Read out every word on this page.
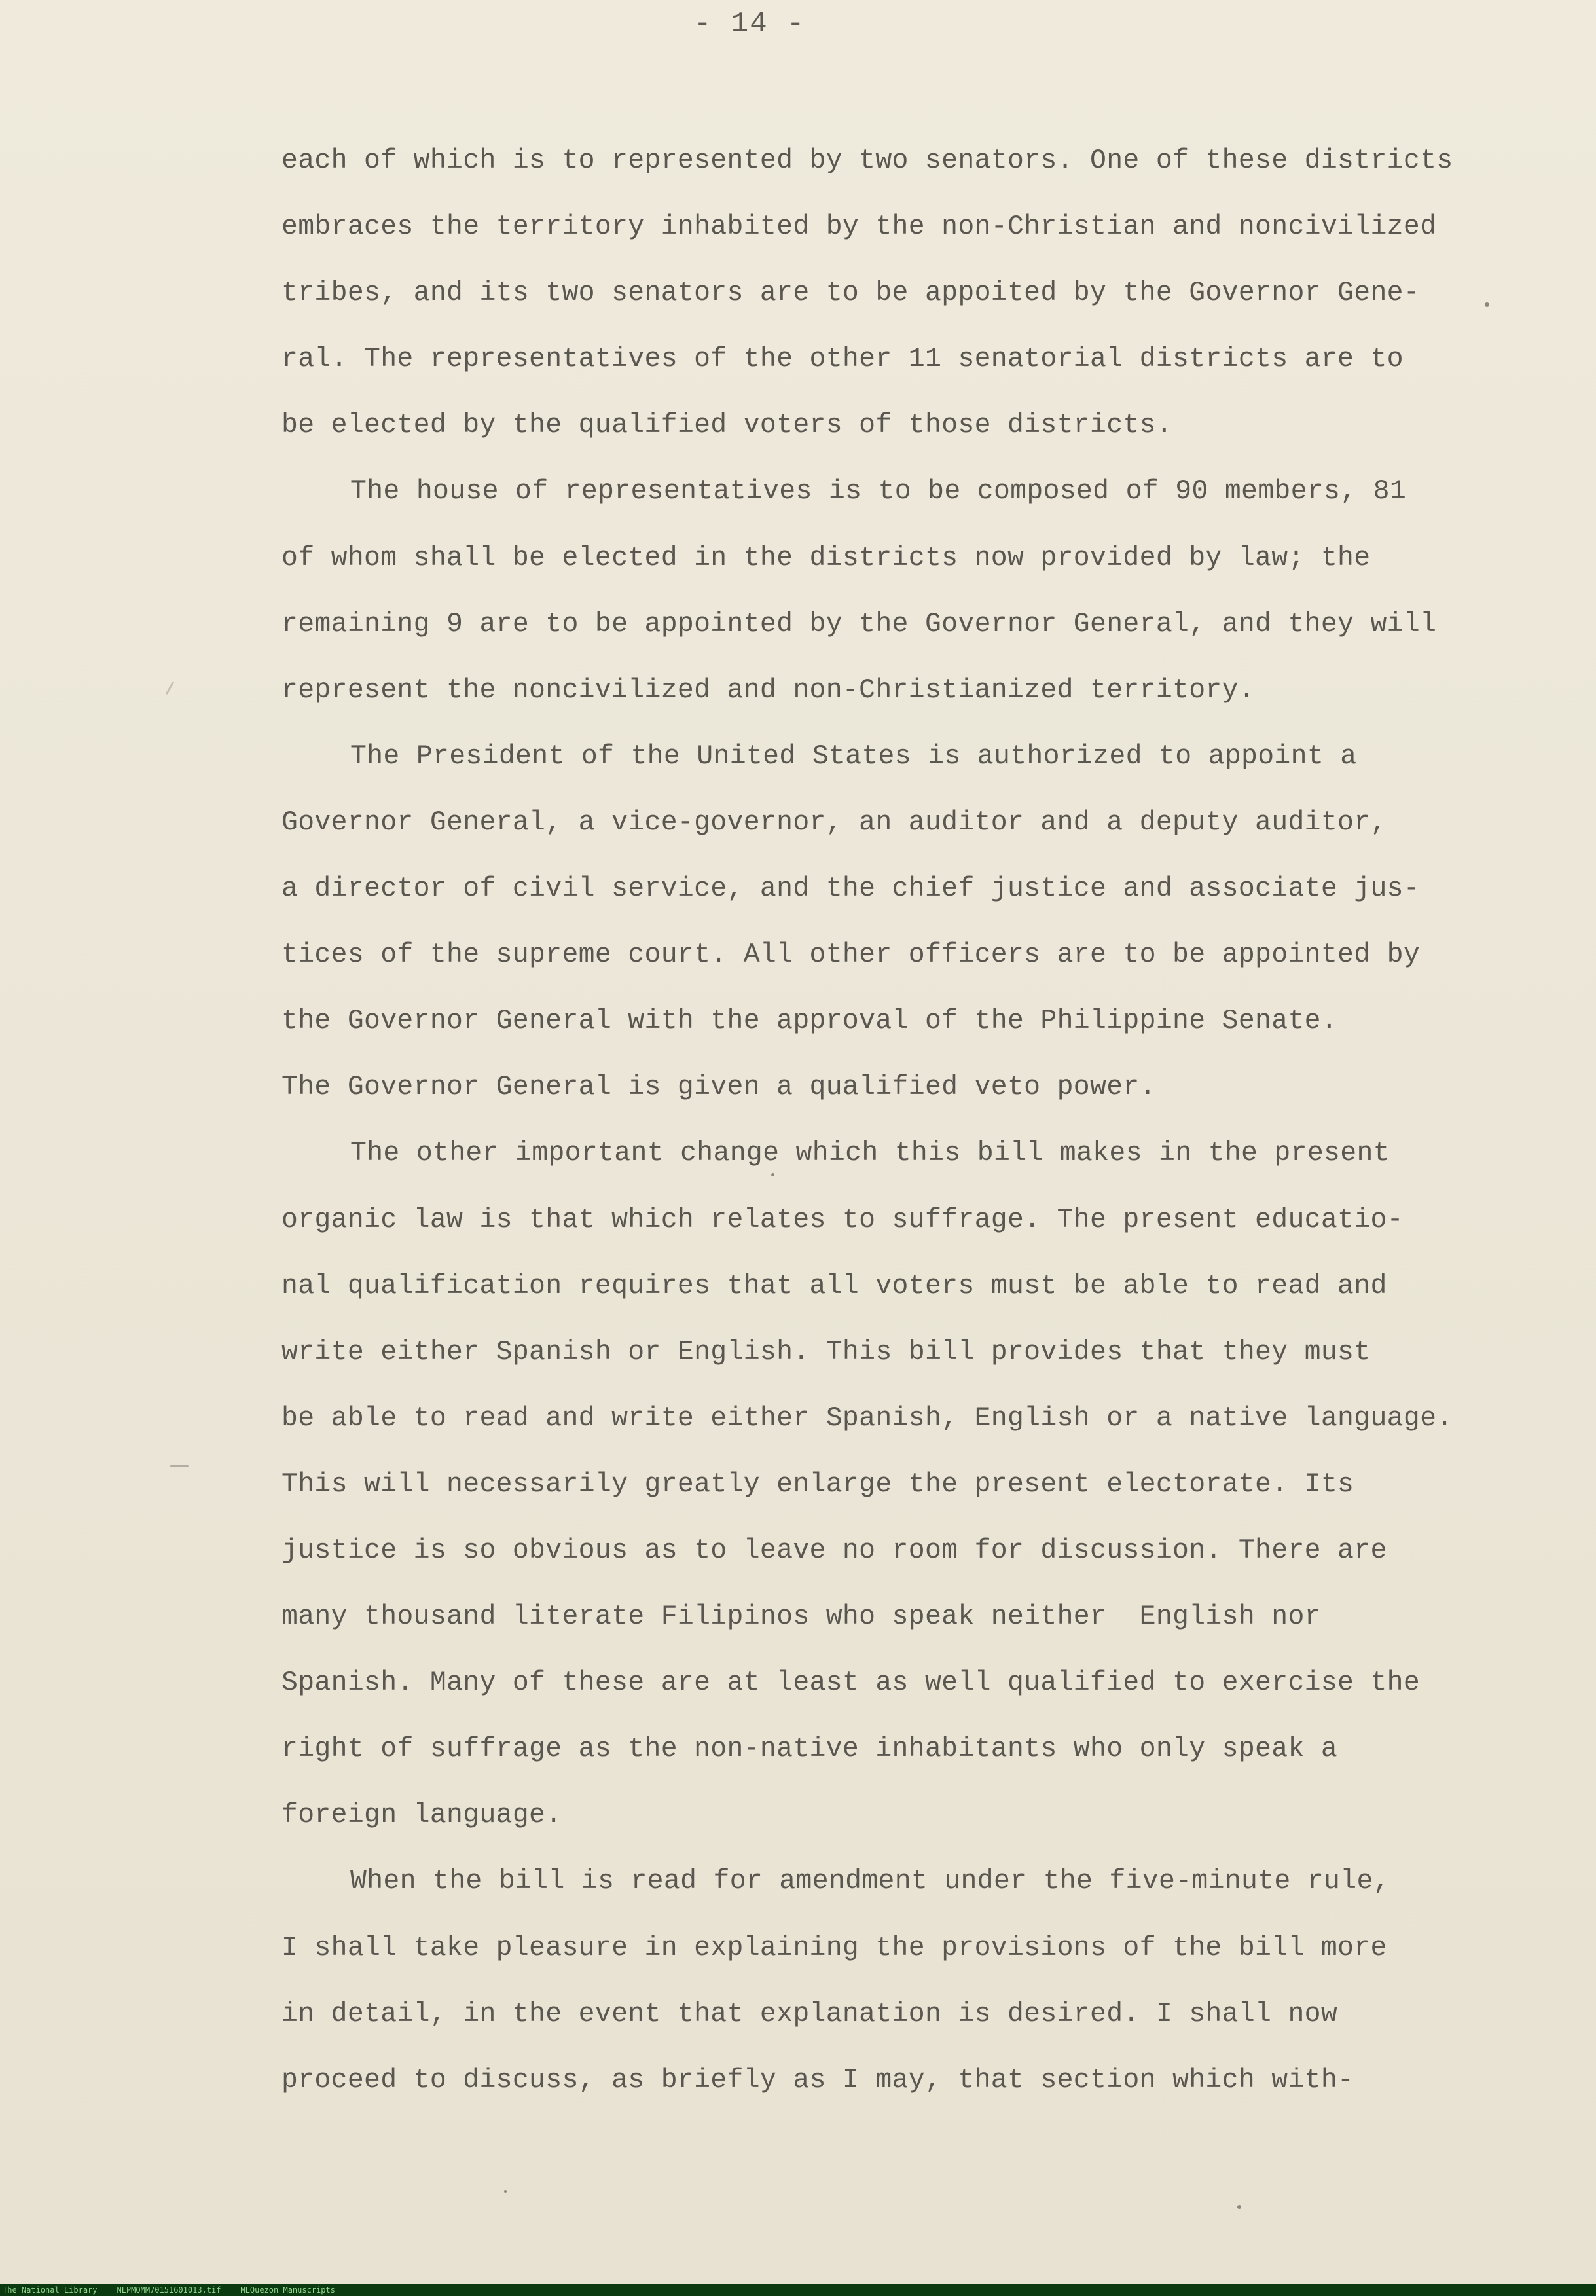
- 14 -
each of which is to represented by two senators. One of these districts
embraces the territory inhabited by the non-Christian and noncivilized
tribes, and its two senators are to be appoited by the Governor Gene-
ral. The representatives of the other 11 senatorial districts are to
be elected by the qualified voters of those districts.
The house of representatives is to be composed of 90 members, 81
of whom shall be elected in the districts now provided by law; the
remaining 9 are to be appointed by the Governor General, and they will
represent the noncivilized and non-Christianized territory.
The President of the United States is authorized to appoint a
Governor General, a vice-governor, an auditor and a deputy auditor,
a director of civil service, and the chief justice and associate jus-
tices of the supreme court. All other officers are to be appointed by
the Governor General with the approval of the Philippine Senate.
The Governor General is given a qualified veto power.
The other important change which this bill makes in the present
organic law is that which relates to suffrage. The present educatio-
nal qualification requires that all voters must be able to read and
write either Spanish or English. This bill provides that they must
be able to read and write either Spanish, English or a native language.
This will necessarily greatly enlarge the present electorate. Its
justice is so obvious as to leave no room for discussion. There are
many thousand literate Filipinos who speak neither  English nor
Spanish. Many of these are at least as well qualified to exercise the
right of suffrage as the non-native inhabitants who only speak a
foreign language.
When the bill is read for amendment under the five-minute rule,
I shall take pleasure in explaining the provisions of the bill more
in detail, in the event that explanation is desired. I shall now
proceed to discuss, as briefly as I may, that section which with-
The National Library	NLPMQMM70151601013.tif	MLQuezon Manuscripts
